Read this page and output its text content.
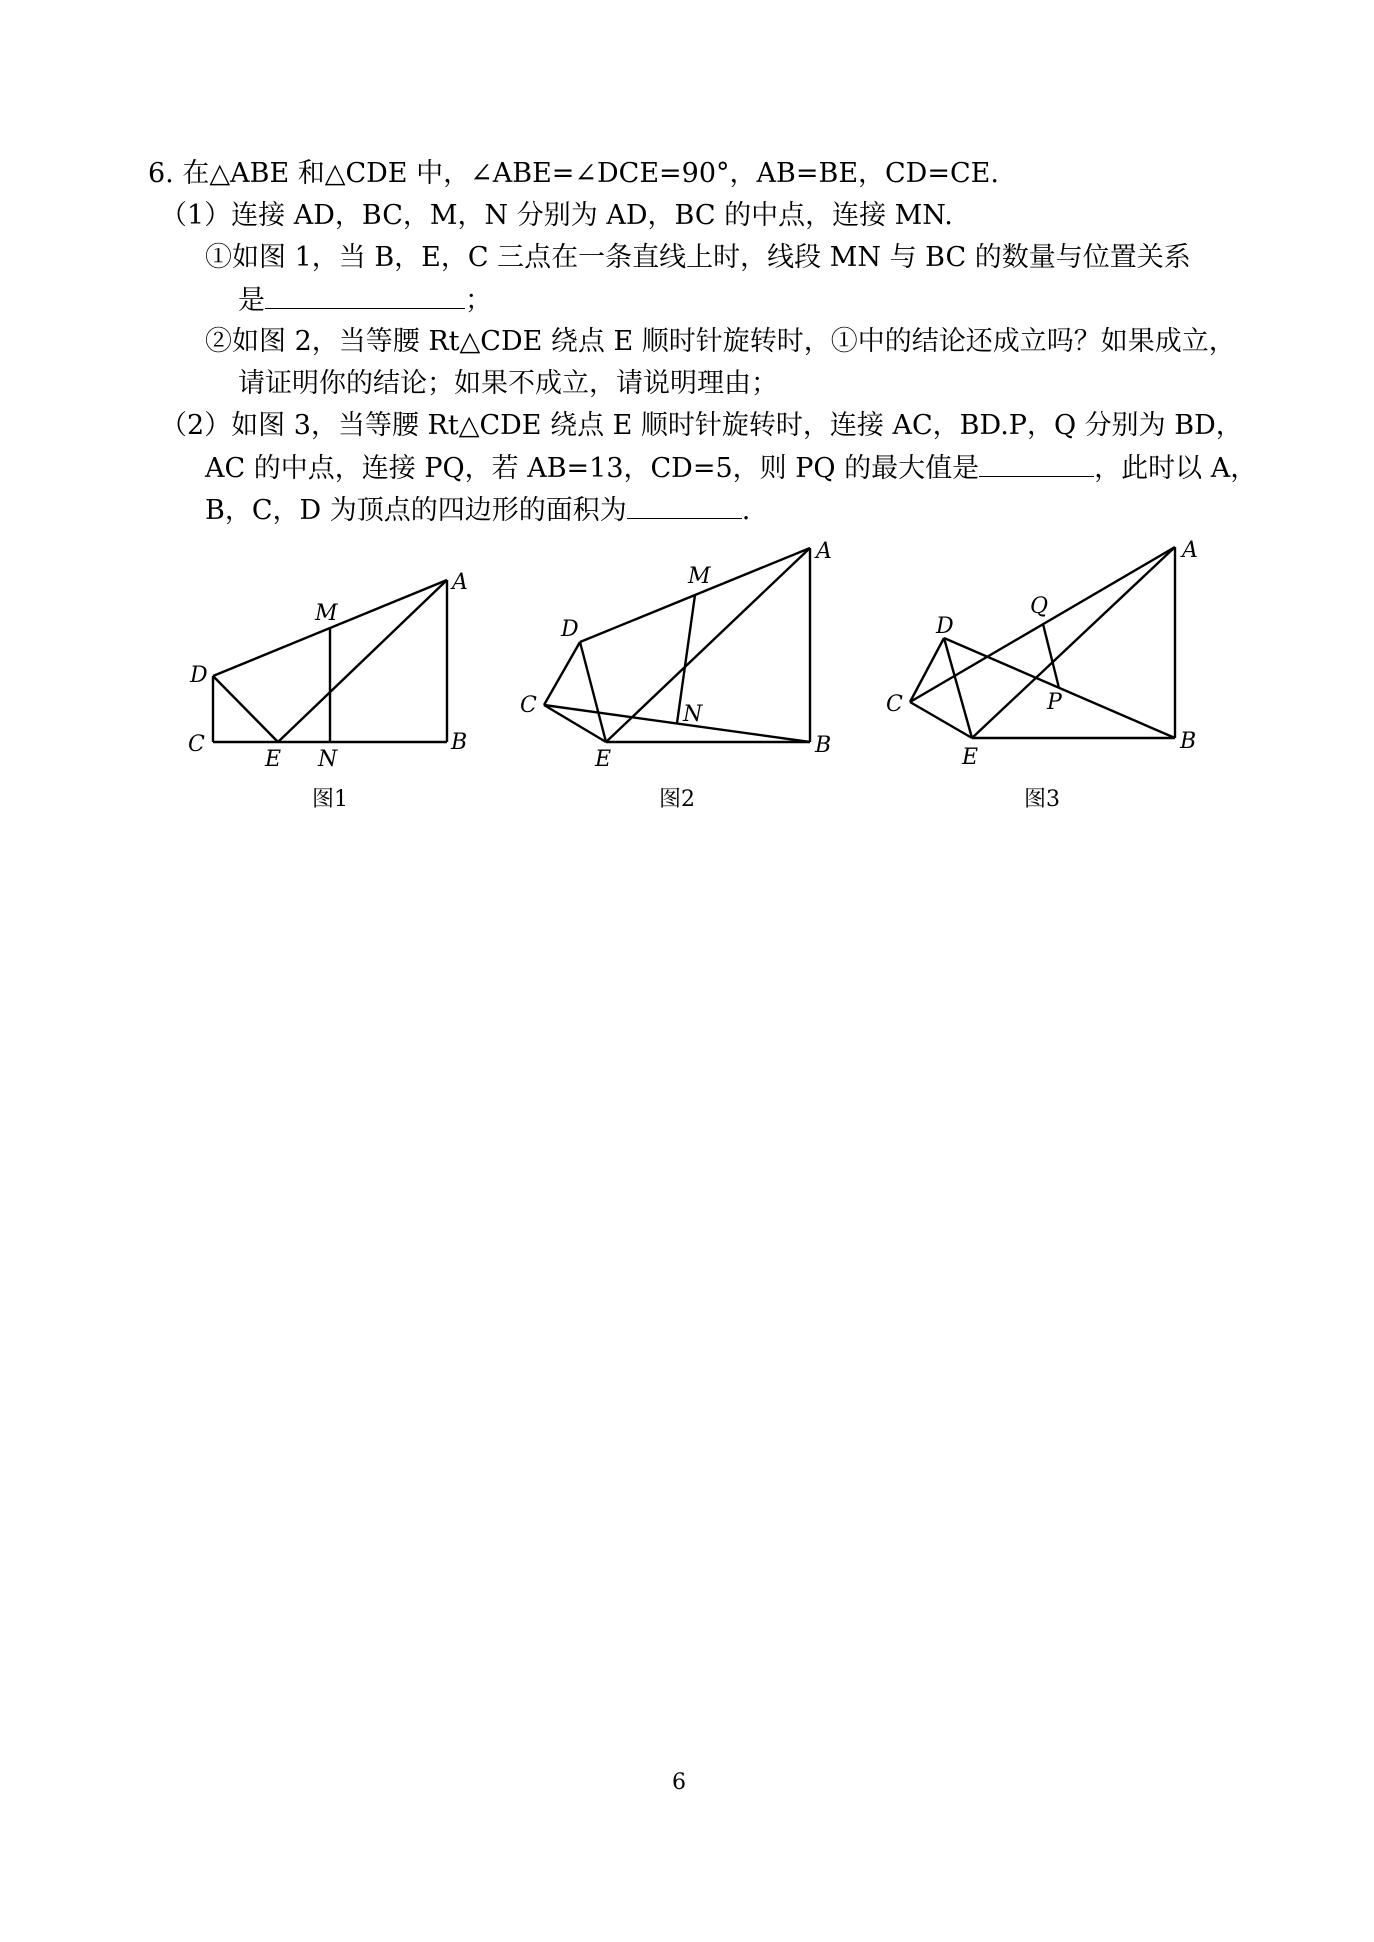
6. 在△ABE 和△CDE 中，∠ABE=∠DCE=90°，AB=BE，CD=CE.
（1）连接 AD，BC，M，N 分别为 AD，BC 的中点，连接 MN.
①如图 1，当 B，E，C 三点在一条直线上时，线段 MN 与 BC 的数量与位置关系
是	；
②如图 2，当等腰 Rt△CDE 绕点 E 顺时针旋转时，①中的结论还成立吗？如果成立，
请证明你的结论；如果不成立，请说明理由；
（2）如图 3，当等腰 Rt△CDE 绕点 E 顺时针旋转时，连接 AC，BD.P，Q 分别为 BD，
AC 的中点，连接 PQ，若 AB=13，CD=5，则 PQ 的最大值是	，此时以 A，
B，C，D 为顶点的四边形的面积为	.
A
B
C
D
E
M
N
A
B
C
D
E
M
N
A
B
C
D
E
P
Q
图1	图2	图3
6
